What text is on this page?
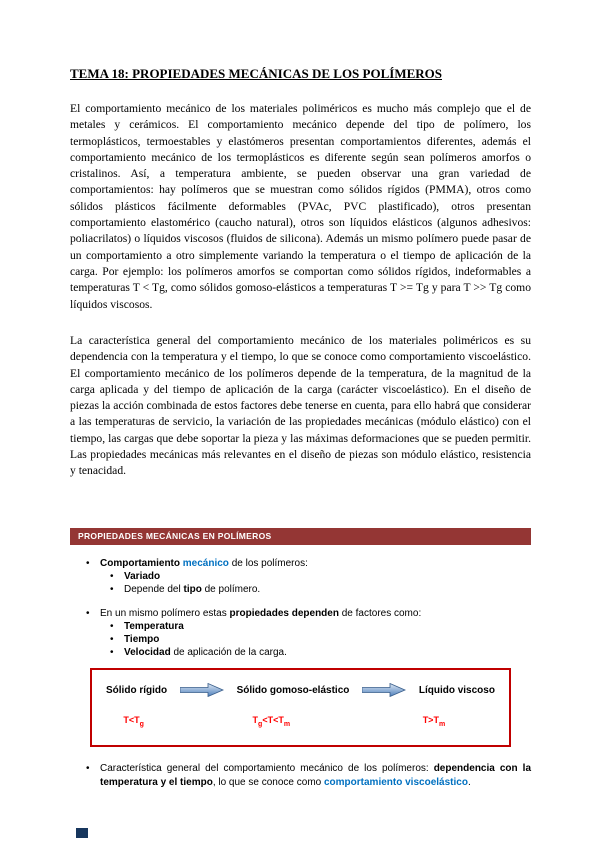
TEMA 18: PROPIEDADES MECÁNICAS DE LOS POLÍMEROS
El comportamiento mecánico de los materiales poliméricos es mucho más complejo que el de metales y cerámicos. El comportamiento mecánico depende del tipo de polímero, los termoplásticos, termoestables y elastómeros presentan comportamientos diferentes, además el comportamiento mecánico de los termoplásticos es diferente según sean polímeros amorfos o cristalinos. Así, a temperatura ambiente, se pueden observar una gran variedad de comportamientos: hay polímeros que se muestran como sólidos rígidos (PMMA), otros como sólidos plásticos fácilmente deformables (PVAc, PVC plastificado), otros presentan comportamiento elastomérico (caucho natural), otros son líquidos elásticos (algunos adhesivos: poliacrilatos) o líquidos viscosos (fluidos de silicona). Además un mismo polímero puede pasar de un comportamiento a otro simplemente variando la temperatura o el tiempo de aplicación de la carga. Por ejemplo: los polímeros amorfos se comportan como sólidos rígidos, indeformables a temperaturas T < Tg, como sólidos gomoso-elásticos a temperaturas T >= Tg y para T >> Tg como líquidos viscosos.
La característica general del comportamiento mecánico de los materiales poliméricos es su dependencia con la temperatura y el tiempo, lo que se conoce como comportamiento viscoelástico. El comportamiento mecánico de los polímeros depende de la temperatura, de la magnitud de la carga aplicada y del tiempo de aplicación de la carga (carácter viscoelástico). En el diseño de piezas la acción combinada de estos factores debe tenerse en cuenta, para ello habrá que considerar a las temperaturas de servicio, la variación de las propiedades mecánicas (módulo elástico) con el tiempo, las cargas que debe soportar la pieza y las máximas deformaciones que se pueden permitir. Las propiedades mecánicas más relevantes en el diseño de piezas son módulo elástico, resistencia y tenacidad.
PROPIEDADES MECÁNICAS EN POLÍMEROS
•	Comportamiento mecánico de los polímeros:
•	Variado
•	Depende del tipo de polímero.
•	En un mismo polímero estas propiedades dependen de factores como:
•	Temperatura
•	Tiempo
•	Velocidad de aplicación de la carga.
Sólido rígido	Sólido gomoso-elástico	Líquido viscoso
$T<T_g$	$T_g<T<T_m$	$T>T_m$
•	Característica general del comportamiento mecánico de los polímeros: dependencia con la temperatura y el tiempo, lo que se conoce como comportamiento viscoelástico.
